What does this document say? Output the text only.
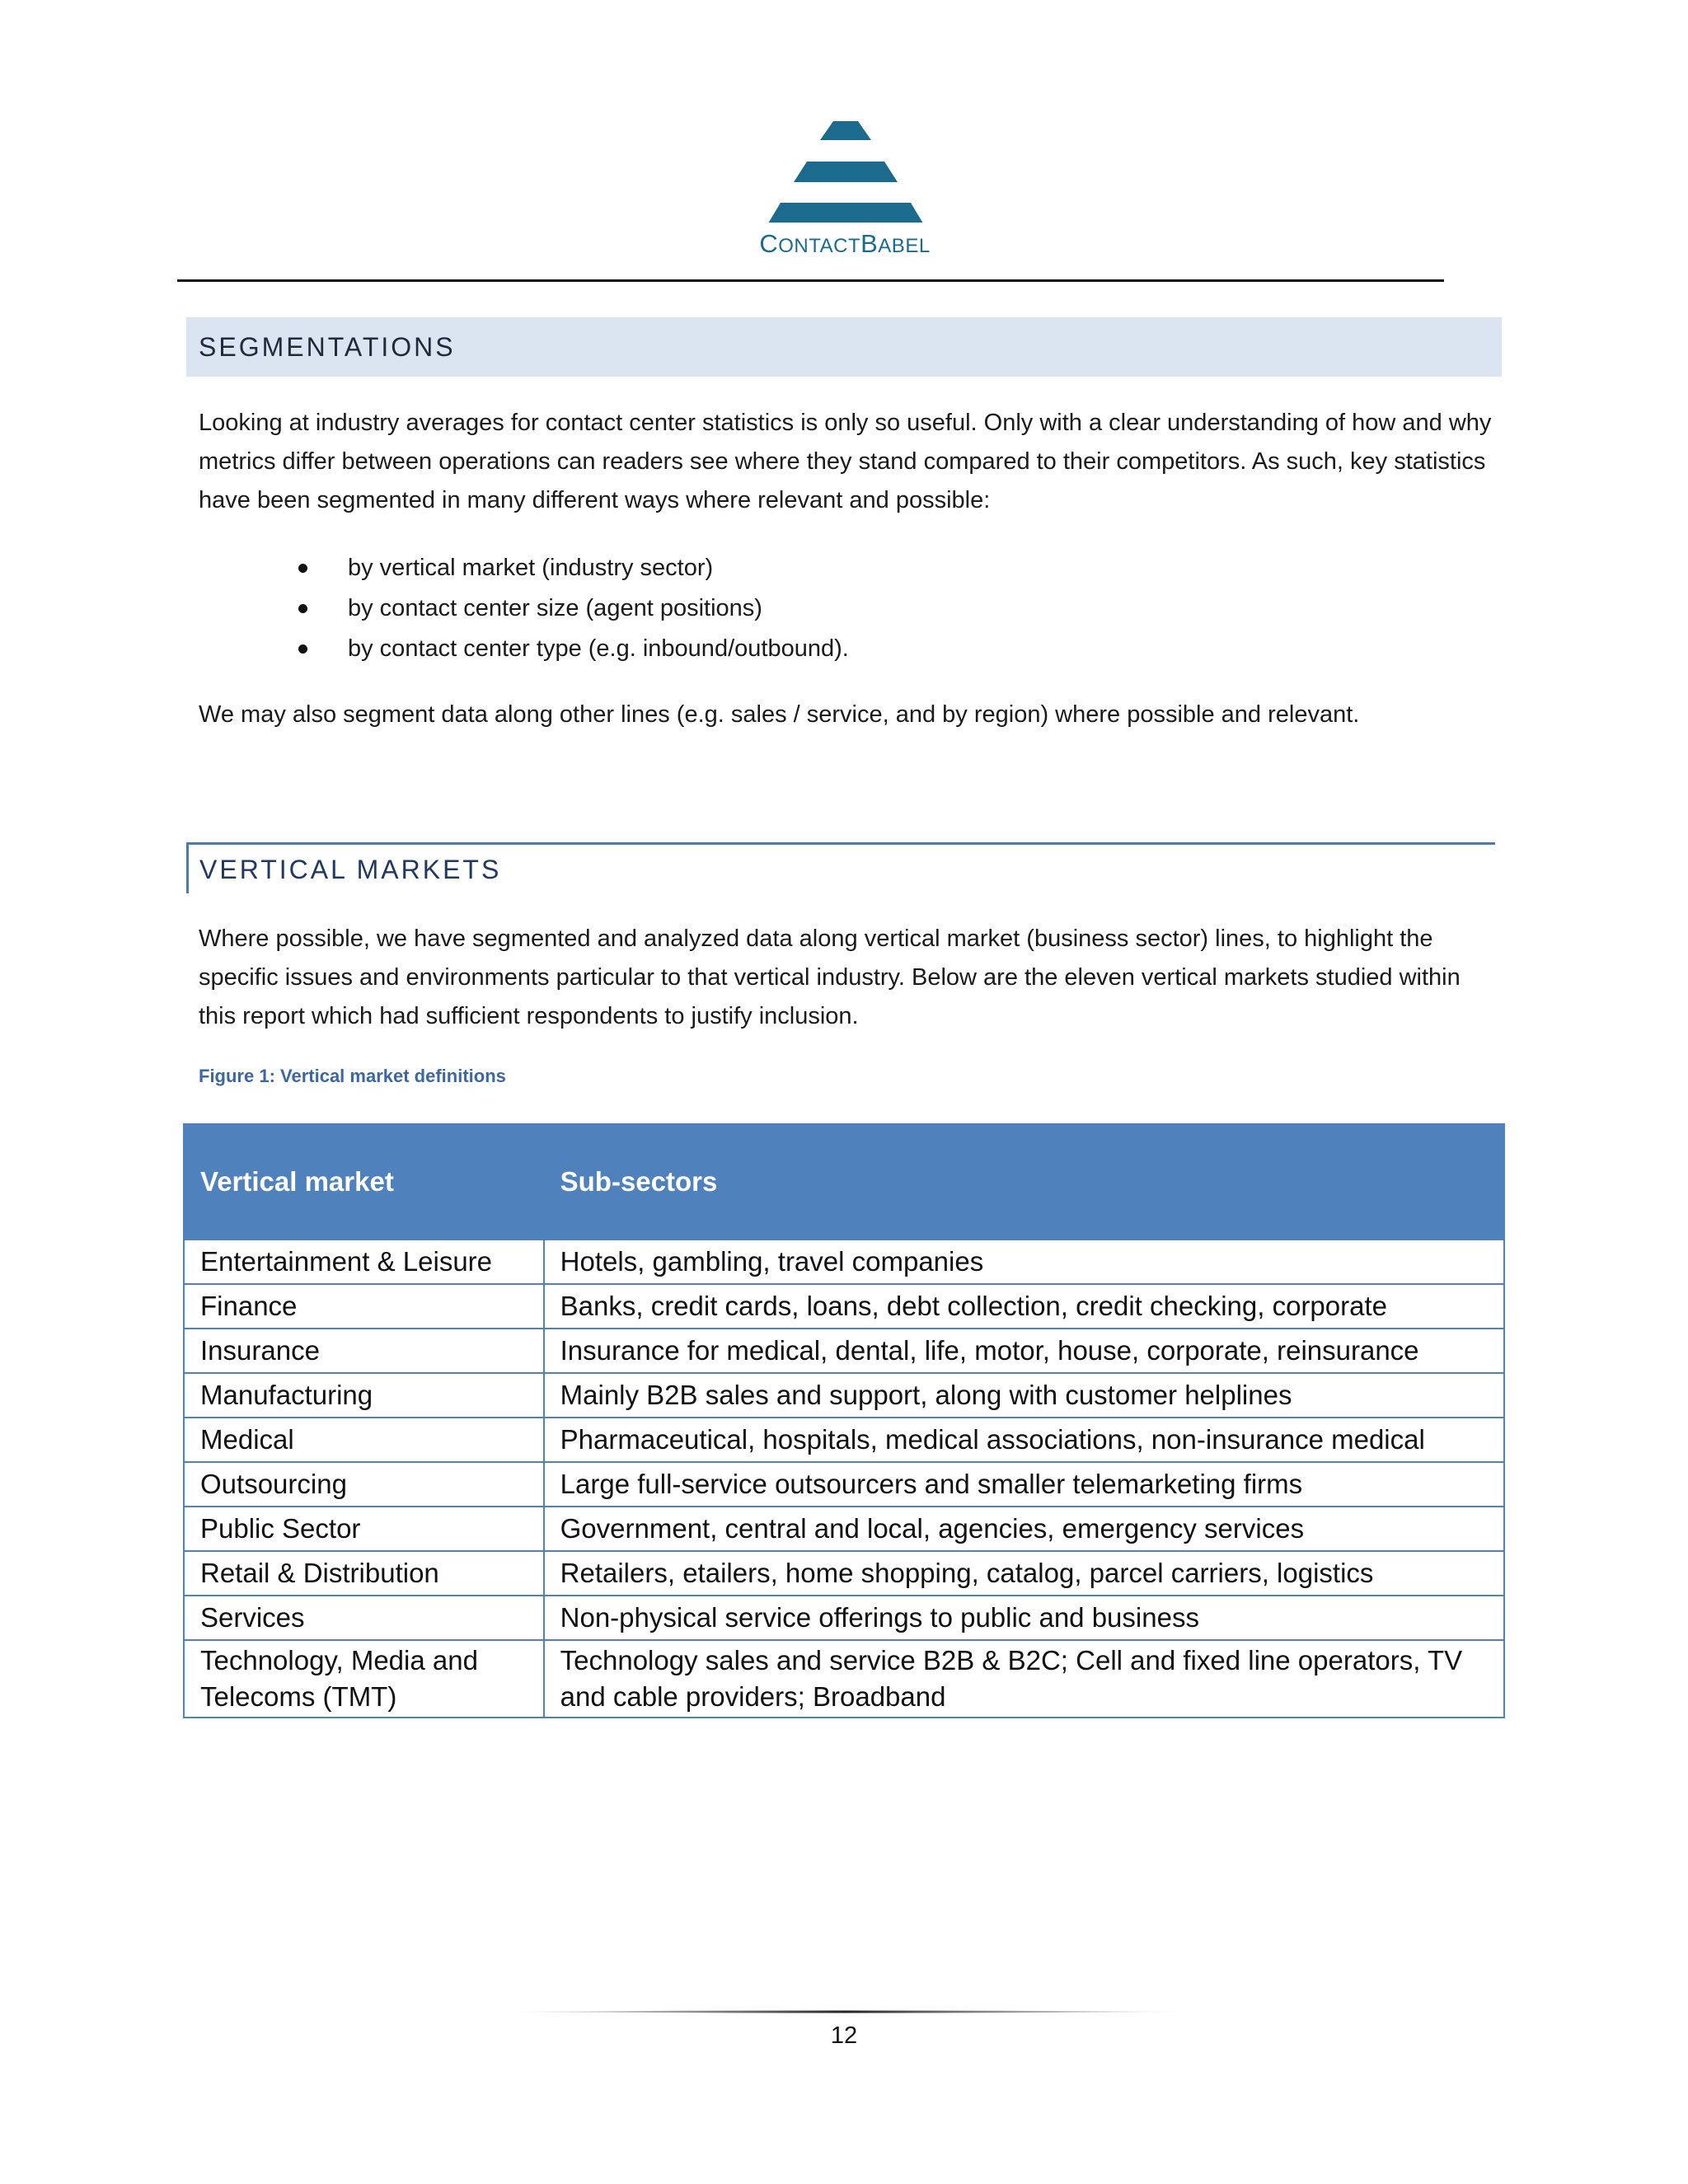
CONTACTBABEL
SEGMENTATIONS
Looking at industry averages for contact center statistics is only so useful. Only with a clear understanding of how and why metrics differ between operations can readers see where they stand compared to their competitors. As such, key statistics have been segmented in many different ways where relevant and possible:
by vertical market (industry sector)
by contact center size (agent positions)
by contact center type (e.g. inbound/outbound).
We may also segment data along other lines (e.g. sales / service, and by region) where possible and relevant.
VERTICAL MARKETS
Where possible, we have segmented and analyzed data along vertical market (business sector) lines, to highlight the specific issues and environments particular to that vertical industry. Below are the eleven vertical markets studied within this report which had sufficient respondents to justify inclusion.
Figure 1: Vertical market definitions
Vertical market	Sub-sectors
Entertainment & Leisure	Hotels, gambling, travel companies
Finance	Banks, credit cards, loans, debt collection, credit checking, corporate
Insurance	Insurance for medical, dental, life, motor, house, corporate, reinsurance
Manufacturing	Mainly B2B sales and support, along with customer helplines
Medical	Pharmaceutical, hospitals, medical associations, non-insurance medical
Outsourcing	Large full-service outsourcers and smaller telemarketing firms
Public Sector	Government, central and local, agencies, emergency services
Retail & Distribution	Retailers, etailers, home shopping, catalog, parcel carriers, logistics
Services	Non-physical service offerings to public and business
Technology, Media and Telecoms (TMT)	Technology sales and service B2B & B2C; Cell and fixed line operators, TV and cable providers; Broadband
12
